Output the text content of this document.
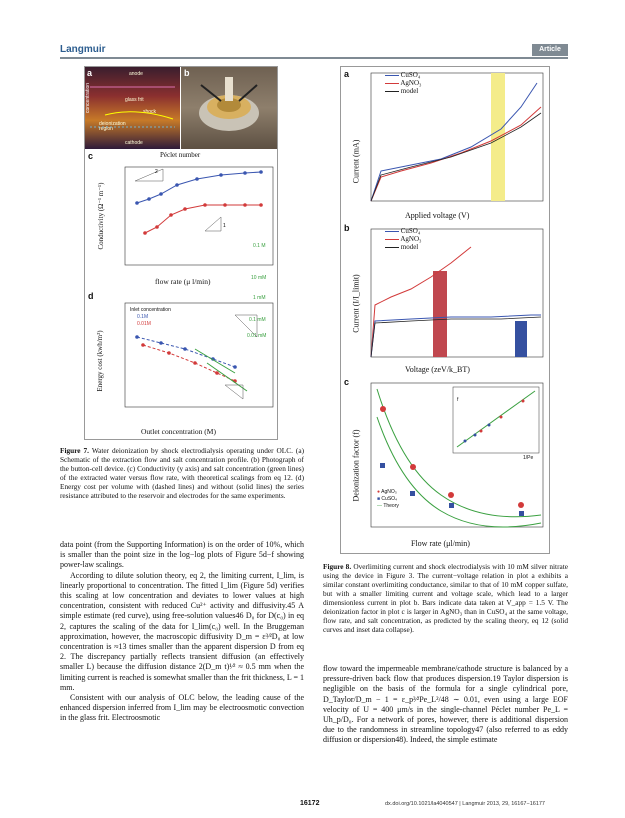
Langmuir	Article
a	anode
glass frit
shock
deionization region
cathode
concentration
b
c	Péclet number
Conductivity (Ω⁻¹ m⁻¹)
2
1
0.1 M
10 mM
1 mM
0.1 mM
0.01 mM
flow rate (μ l/min)
d
Energy cost (kwh/m³)
Inlet concentration
0.1M
0.01M
Outlet concentration (M)
Figure 7. Water deionization by shock electrodialysis operating under OLC. (a) Schematic of the extraction flow and salt concentration profile. (b) Photograph of the button-cell device. (c) Conductivity (y axis) and salt concentration (green lines) of the extracted water versus flow rate, with theoretical scalings from eq 12. (d) Energy cost per volume with (dashed lines) and without (solid lines) the series resistance attributed to the reservoir and electrodes for the same experiments.
a
Current (mA)
CuSO₄
AgNO₃
model
Applied voltage (V)
b
Current (I/I_limit)
CuSO₄
AgNO₃
model
Voltage (zeV/k_BT)
c
Deionization factor (f)	● AgNO₃
■ CuSO₄
— Theory
1/Pe
f
Flow rate (μl/min)
Figure 8. Overlimiting current and shock electrodialysis with 10 mM silver nitrate using the device in Figure 3. The current−voltage relation in plot a exhibits a similar constant overlimiting conductance, similar to that of 10 mM copper sulfate, but with a smaller limiting current and voltage scale, which lead to a larger dimensionless current in plot b. Bars indicate data taken at V_app = 1.5 V. The deionization factor in plot c is larger in AgNO₃ than in CuSO₄ at the same voltage, flow rate, and salt concentration, as predicted by the scaling theory, eq 12 (solid curves and inset data collapse).

data point (from the Supporting Information) is on the order of 10%, which is smaller than the point size in the log−log plots of Figure 5d−f showing power-law scalings.

According to dilute solution theory, eq 2, the limiting current, I_lim, is linearly proportional to concentration. The fitted I_lim (Figure 5d) verifies this scaling at low concentration and deviates to lower values at high concentration, consistent with reduced Cu²⁺ activity and diffusivity.45 A simple estimate (red curve), using free-solution values46 D₀ for D(c₀) in eq 2, captures the scaling of the data for I_lim(c₀) well. In the Bruggeman approximation, however, the macroscopic diffusivity D_m = ε³⁄²D₀ at low concentration is ≈13 times smaller than the apparent dispersion D from eq 2. The discrepancy partially reflects transient diffusion (an effectively smaller L) because the diffusion distance 2(D_m t)¹⁄² ≈ 0.5 mm when the limiting current is reached is somewhat smaller than the frit thickness, L = 1 mm.

Consistent with our analysis of OLC below, the leading cause of the enhanced dispersion inferred from I_lim may be electroosmotic convection in the glass frit. Electroosmotic

flow toward the impermeable membrane/cathode structure is balanced by a pressure-driven back flow that produces dispersion.19 Taylor dispersion is negligible on the basis of the formula for a single cylindrical pore, D_Taylor/D_m − 1 = ε_p³⁄²Pe_L²/48 ∼ 0.01, even using a large EOF velocity of U = 400 μm/s in the single-channel Péclet number Pe_L = Uh_p/D₀. For a network of pores, however, there is additional dispersion due to the randomness in streamline topology47 (also referred to as eddy diffusion or dispersion48). Indeed, the simple estimate

16172	dx.doi.org/10.1021/la4040547 | Langmuir 2013, 29, 16167−16177
